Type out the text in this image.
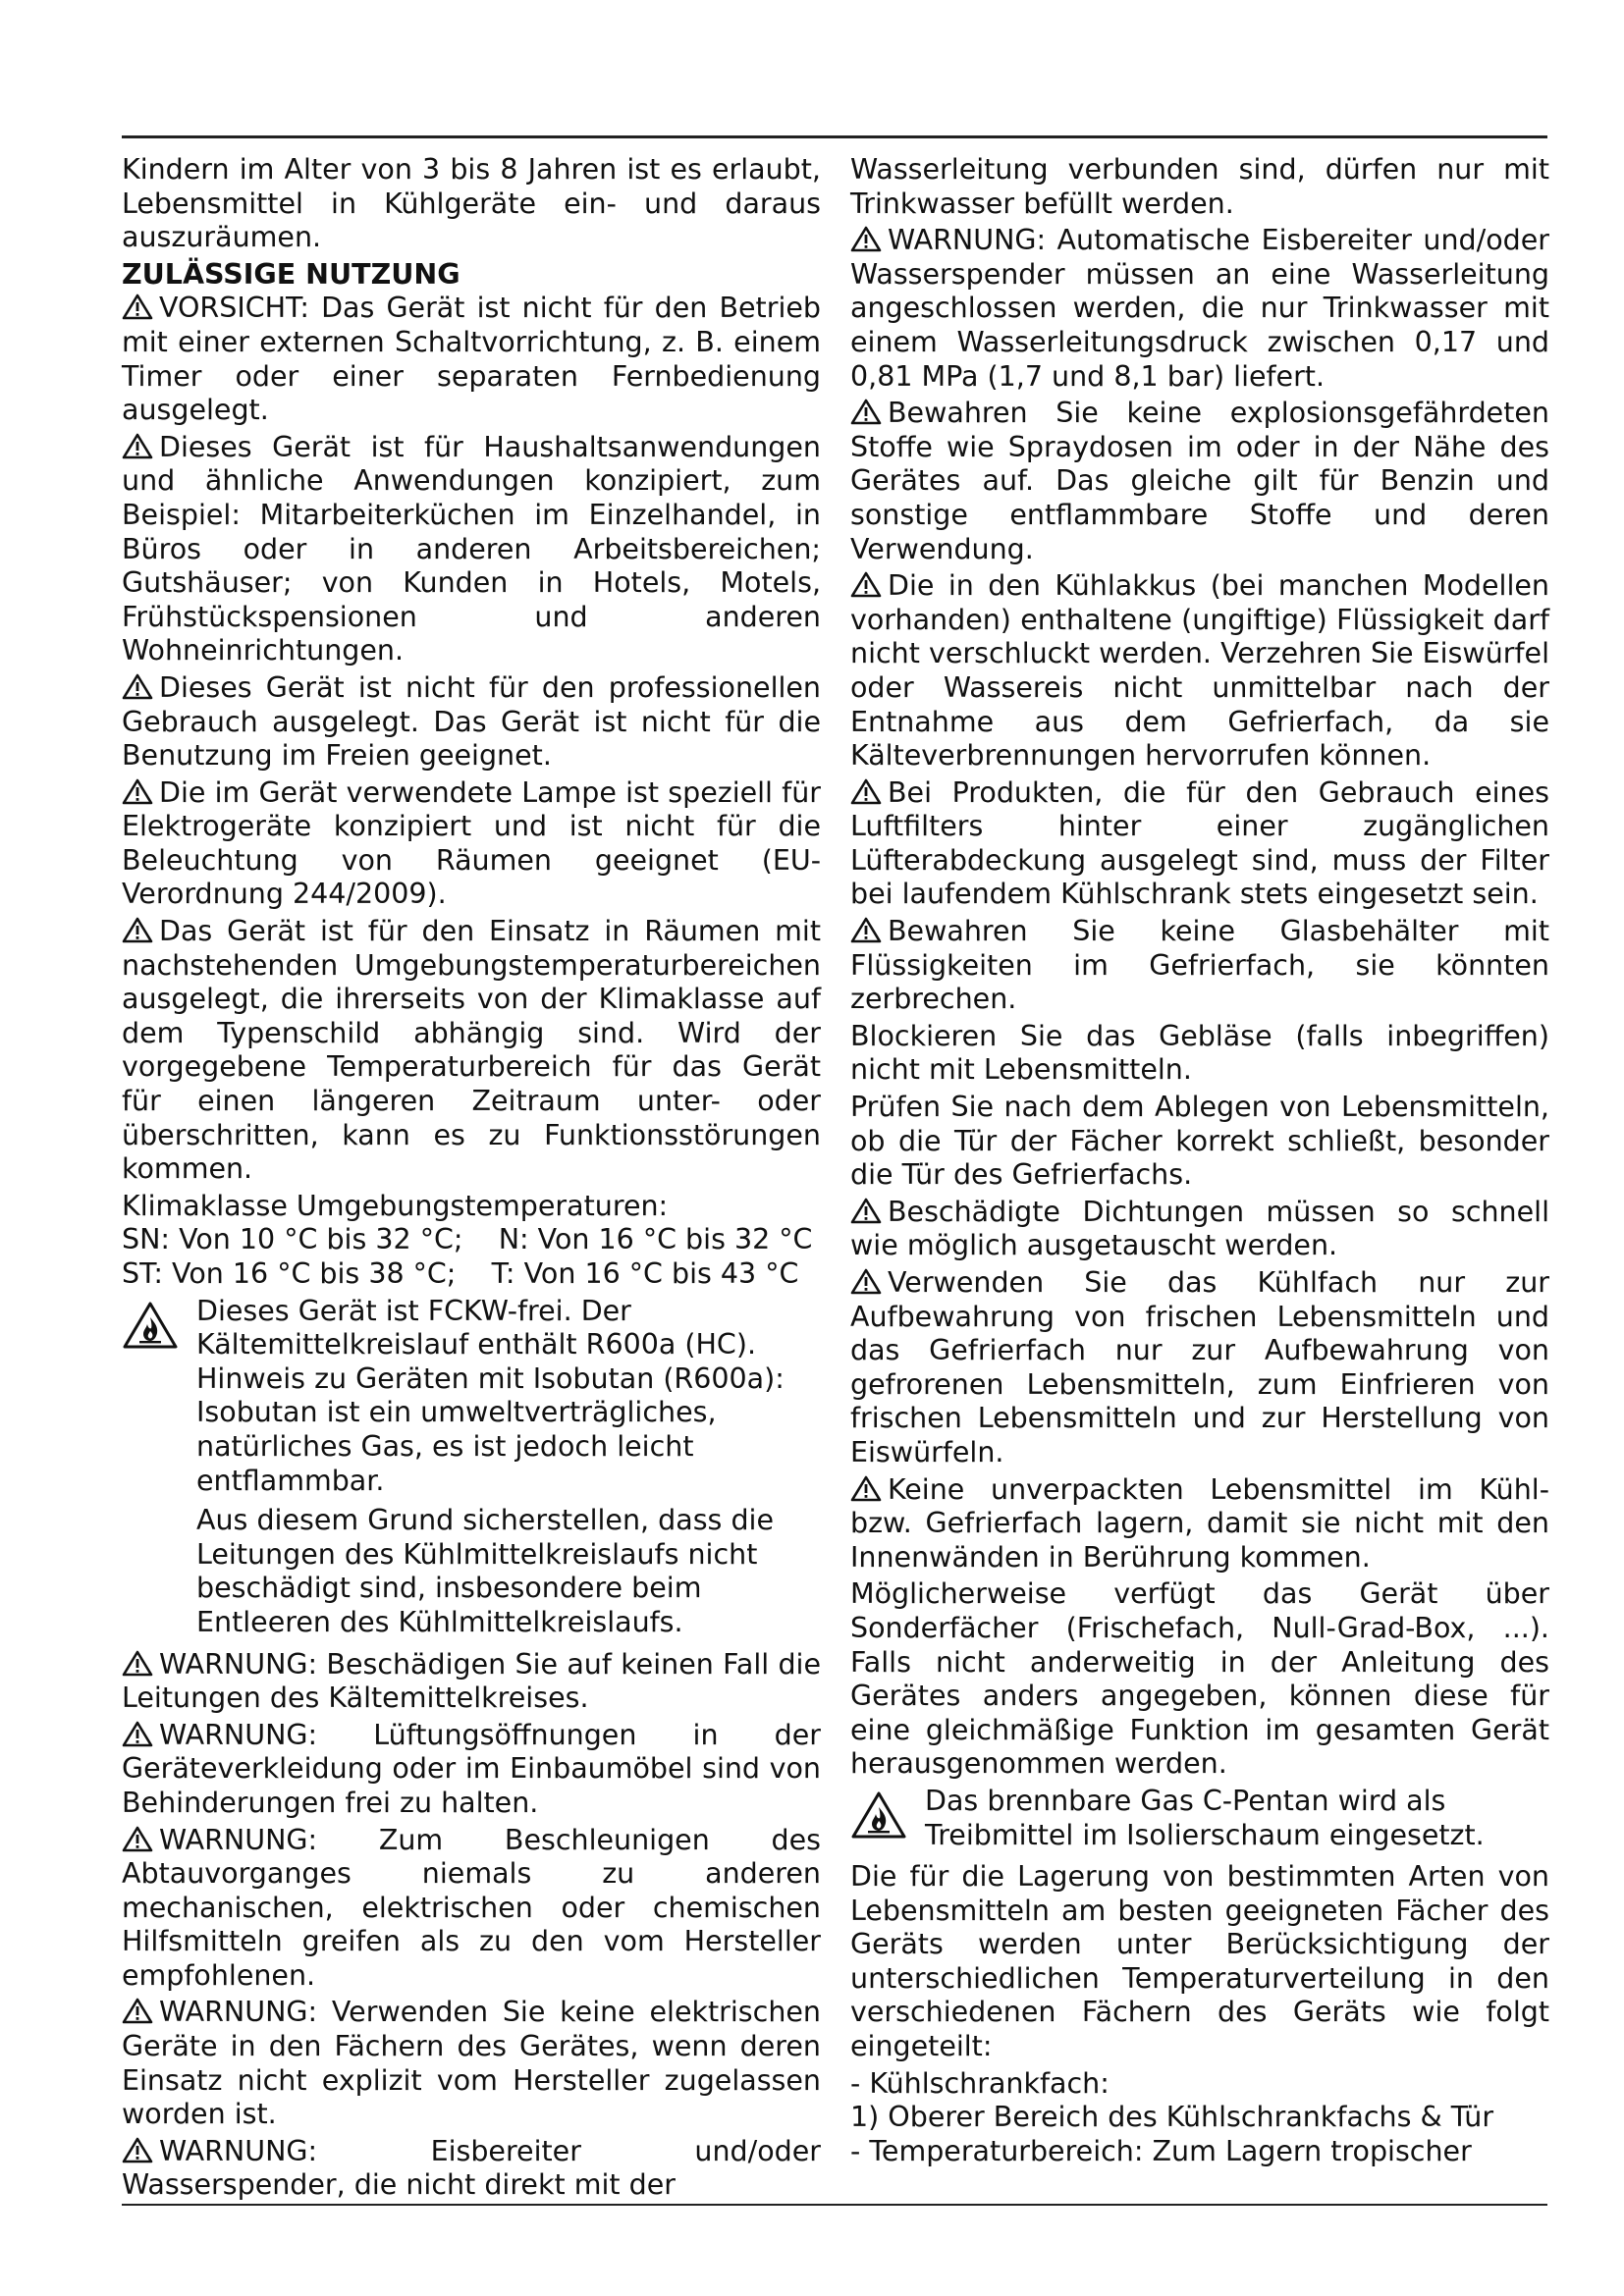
Kindern im Alter von 3 bis 8 Jahren ist es erlaubt, Lebensmittel in Kühlgeräte ein- und daraus auszuräumen.

ZULÄSSIGE NUTZUNG

VORSICHT: Das Gerät ist nicht für den Betrieb mit einer externen Schaltvorrichtung, z. B. einem Timer oder einer separaten Fernbedienung ausgelegt.

Dieses Gerät ist für Haushaltsanwendungen und ähnliche Anwendungen konzipiert, zum Beispiel: Mitarbeiterküchen im Einzelhandel, in Büros oder in anderen Arbeitsbereichen; Gutshäuser; von Kunden in Hotels, Motels, Frühstückspensionen und anderen Wohneinrichtungen.

Dieses Gerät ist nicht für den professionellen Gebrauch ausgelegt. Das Gerät ist nicht für die Benutzung im Freien geeignet.

Die im Gerät verwendete Lampe ist speziell für Elektrogeräte konzipiert und ist nicht für die Beleuchtung von Räumen geeignet (EU-Verordnung 244/2009).

Das Gerät ist für den Einsatz in Räumen mit nachstehenden Umgebungstemperaturbereichen ausgelegt, die ihrerseits von der Klimaklasse auf dem Typenschild abhängig sind. Wird der vorgegebene Temperaturbereich für das Gerät für einen längeren Zeitraum unter- oder überschritten, kann es zu Funktionsstörungen kommen.

Klimaklasse Umgebungstemperaturen:

SN: Von 10 °C bis 32 °C; N: Von 16 °C bis 32 °C

ST: Von 16 °C bis 38 °C; T: Von 16 °C bis 43 °C

Dieses Gerät ist FCKW-frei. Der Kältemittelkreislauf enthält R600a (HC). Hinweis zu Geräten mit Isobutan (R600a): Isobutan ist ein umweltverträgliches, natürliches Gas, es ist jedoch leicht entflammbar.

Aus diesem Grund sicherstellen, dass die Leitungen des Kühlmittelkreislaufs nicht beschädigt sind, insbesondere beim Entleeren des Kühlmittelkreislaufs.

WARNUNG: Beschädigen Sie auf keinen Fall die Leitungen des Kältemittelkreises.

WARNUNG: Lüftungsöffnungen in der Geräteverkleidung oder im Einbaumöbel sind von Behinderungen frei zu halten.

WARNUNG: Zum Beschleunigen des Abtauvorganges niemals zu anderen mechanischen, elektrischen oder chemischen Hilfsmitteln greifen als zu den vom Hersteller empfohlenen.

WARNUNG: Verwenden Sie keine elektrischen Geräte in den Fächern des Gerätes, wenn deren Einsatz nicht explizit vom Hersteller zugelassen worden ist.

WARNUNG: Eisbereiter und/oder Wasserspender, die nicht direkt mit der

Wasserleitung verbunden sind, dürfen nur mit Trinkwasser befüllt werden.

WARNUNG: Automatische Eisbereiter und/oder Wasserspender müssen an eine Wasserleitung angeschlossen werden, die nur Trinkwasser mit einem Wasserleitungsdruck zwischen 0,17 und 0,81 MPa (1,7 und 8,1 bar) liefert.

Bewahren Sie keine explosionsgefährdeten Stoffe wie Spraydosen im oder in der Nähe des Gerätes auf. Das gleiche gilt für Benzin und sonstige entflammbare Stoffe und deren Verwendung.

Die in den Kühlakkus (bei manchen Modellen vorhanden) enthaltene (ungiftige) Flüssigkeit darf nicht verschluckt werden. Verzehren Sie Eiswürfel oder Wassereis nicht unmittelbar nach der Entnahme aus dem Gefrierfach, da sie Kälteverbrennungen hervorrufen können.

Bei Produkten, die für den Gebrauch eines Luftfilters hinter einer zugänglichen Lüfterabdeckung ausgelegt sind, muss der Filter bei laufendem Kühlschrank stets eingesetzt sein.

Bewahren Sie keine Glasbehälter mit Flüssigkeiten im Gefrierfach, sie könnten zerbrechen.

Blockieren Sie das Gebläse (falls inbegriffen) nicht mit Lebensmitteln.

Prüfen Sie nach dem Ablegen von Lebensmitteln, ob die Tür der Fächer korrekt schließt, besonder die Tür des Gefrierfachs.

Beschädigte Dichtungen müssen so schnell wie möglich ausgetauscht werden.

Verwenden Sie das Kühlfach nur zur Aufbewahrung von frischen Lebensmitteln und das Gefrierfach nur zur Aufbewahrung von gefrorenen Lebensmitteln, zum Einfrieren von frischen Lebensmitteln und zur Herstellung von Eiswürfeln.

Keine unverpackten Lebensmittel im Kühl- bzw. Gefrierfach lagern, damit sie nicht mit den Innenwänden in Berührung kommen.

Möglicherweise verfügt das Gerät über Sonderfächer (Frischefach, Null-Grad-Box, ...). Falls nicht anderweitig in der Anleitung des Gerätes anders angegeben, können diese für eine gleichmäßige Funktion im gesamten Gerät herausgenommen werden.

Das brennbare Gas C-Pentan wird als Treibmittel im Isolierschaum eingesetzt.

Die für die Lagerung von bestimmten Arten von Lebensmitteln am besten geeigneten Fächer des Geräts werden unter Berücksichtigung der unterschiedlichen Temperaturverteilung in den verschiedenen Fächern des Geräts wie folgt eingeteilt:

- Kühlschrankfach:

1) Oberer Bereich des Kühlschrankfachs & Tür

- Temperaturbereich: Zum Lagern tropischer
